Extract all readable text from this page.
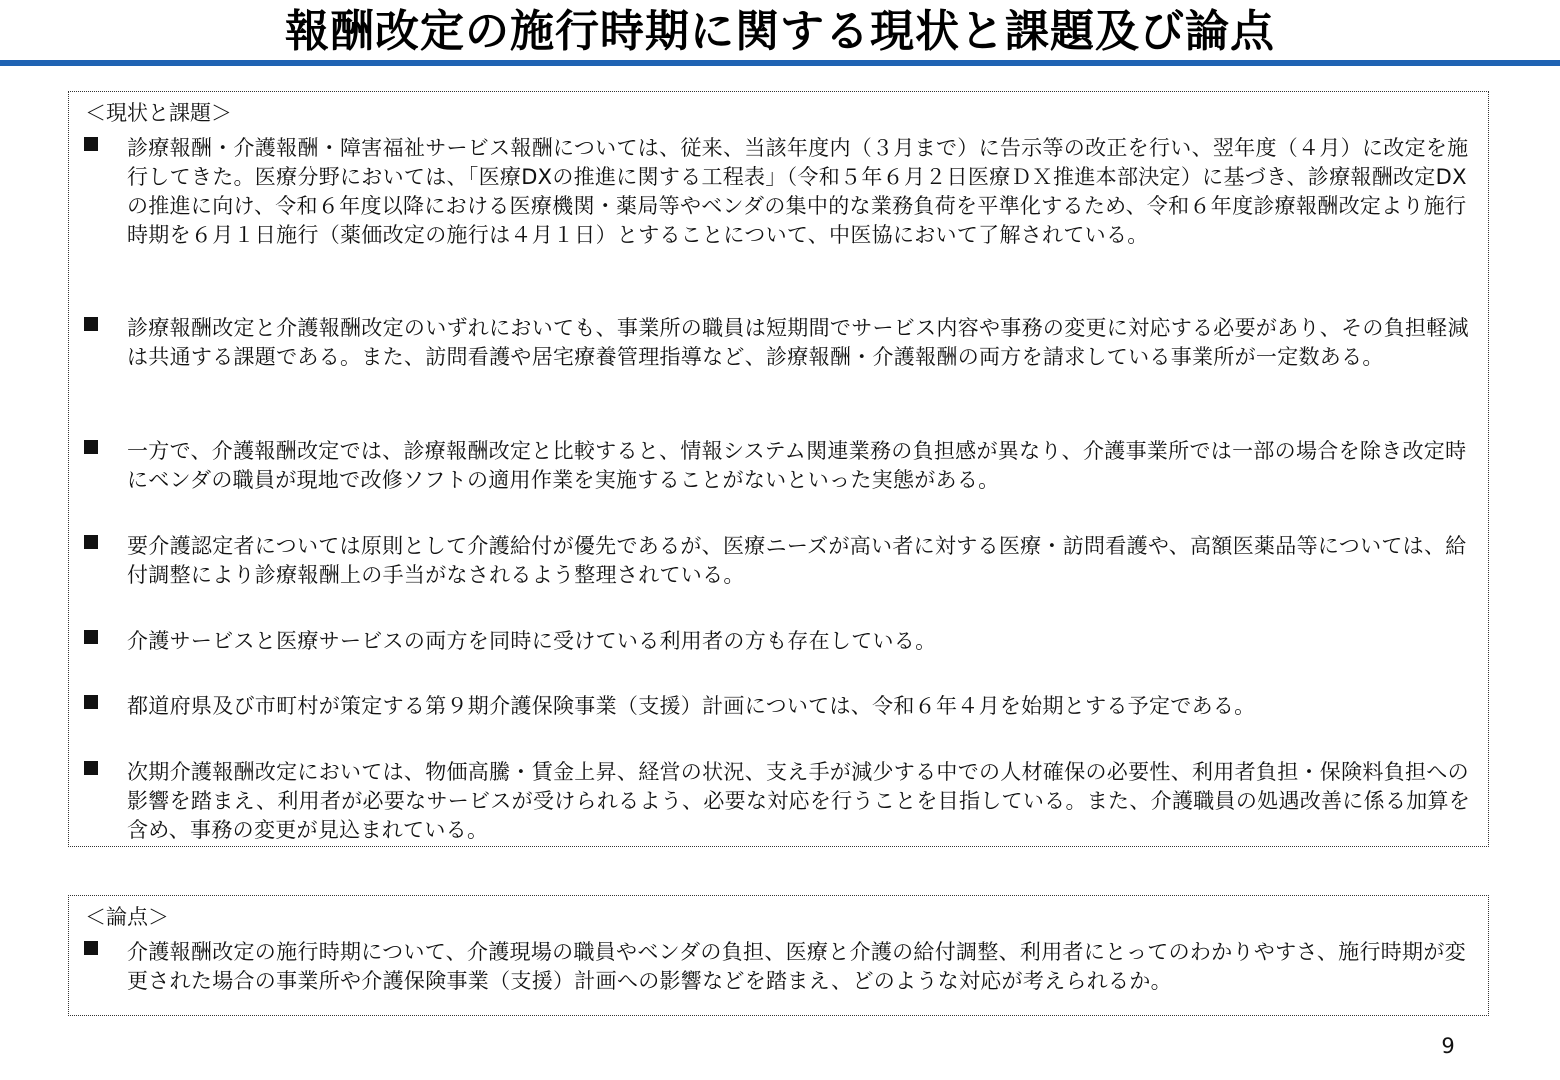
報酬改定の施行時期に関する現状と課題及び論点
＜現状と課題＞
診療報酬・介護報酬・障害福祉サービス報酬については、従来、当該年度内（３月まで）に告示等の改正を行い、翌年度（４月）に改定を施行してきた。医療分野においては、「医療DXの推進に関する工程表」（令和５年６月２日医療ＤＸ推進本部決定）に基づき、診療報酬改定DXの推進に向け、令和６年度以降における医療機関・薬局等やベンダの集中的な業務負荷を平準化するため、令和６年度診療報酬改定より施行時期を６月１日施行（薬価改定の施行は４月１日）とすることについて、中医協において了解されている。
診療報酬改定と介護報酬改定のいずれにおいても、事業所の職員は短期間でサービス内容や事務の変更に対応する必要があり、その負担軽減は共通する課題である。また、訪問看護や居宅療養管理指導など、診療報酬・介護報酬の両方を請求している事業所が一定数ある。
一方で、介護報酬改定では、診療報酬改定と比較すると、情報システム関連業務の負担感が異なり、介護事業所では一部の場合を除き改定時にベンダの職員が現地で改修ソフトの適用作業を実施することがないといった実態がある。
要介護認定者については原則として介護給付が優先であるが、医療ニーズが高い者に対する医療・訪問看護や、高額医薬品等については、給付調整により診療報酬上の手当がなされるよう整理されている。
介護サービスと医療サービスの両方を同時に受けている利用者の方も存在している。
都道府県及び市町村が策定する第９期介護保険事業（支援）計画については、令和６年４月を始期とする予定である。
次期介護報酬改定においては、物価高騰・賃金上昇、経営の状況、支え手が減少する中での人材確保の必要性、利用者負担・保険料負担への影響を踏まえ、利用者が必要なサービスが受けられるよう、必要な対応を行うことを目指している。また、介護職員の処遇改善に係る加算を含め、事務の変更が見込まれている。
＜論点＞
介護報酬改定の施行時期について、介護現場の職員やベンダの負担、医療と介護の給付調整、利用者にとってのわかりやすさ、施行時期が変更された場合の事業所や介護保険事業（支援）計画への影響などを踏まえ、どのような対応が考えられるか。
9
